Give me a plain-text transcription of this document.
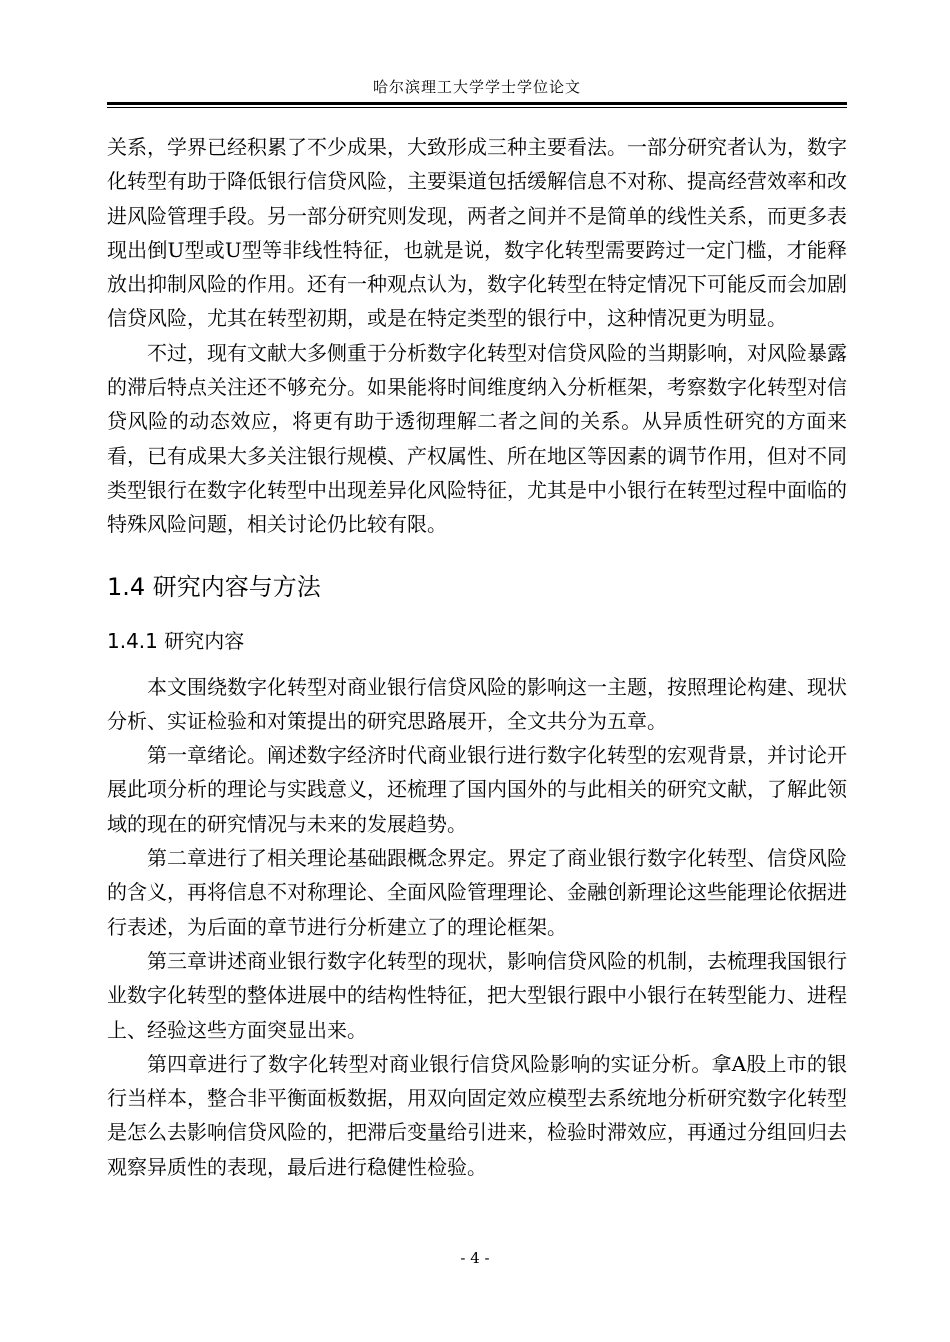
哈尔滨理工大学学士学位论文

关系，学界已经积累了不少成果，大致形成三种主要看法。一部分研究者认为，数字化转型有助于降低银行信贷风险，主要渠道包括缓解信息不对称、提高经营效率和改进风险管理手段。另一部分研究则发现，两者之间并不是简单的线性关系，而更多表现出倒U型或U型等非线性特征，也就是说，数字化转型需要跨过一定门槛，才能释放出抑制风险的作用。还有一种观点认为，数字化转型在特定情况下可能反而会加剧信贷风险，尤其在转型初期，或是在特定类型的银行中，这种情况更为明显。

不过，现有文献大多侧重于分析数字化转型对信贷风险的当期影响，对风险暴露的滞后特点关注还不够充分。如果能将时间维度纳入分析框架，考察数字化转型对信贷风险的动态效应，将更有助于透彻理解二者之间的关系。从异质性研究的方面来看，已有成果大多关注银行规模、产权属性、所在地区等因素的调节作用，但对不同类型银行在数字化转型中出现差异化风险特征，尤其是中小银行在转型过程中面临的特殊风险问题，相关讨论仍比较有限。

1.4 研究内容与方法
1.4.1 研究内容

本文围绕数字化转型对商业银行信贷风险的影响这一主题，按照理论构建、现状分析、实证检验和对策提出的研究思路展开，全文共分为五章。

第一章绪论。阐述数字经济时代商业银行进行数字化转型的宏观背景，并讨论开展此项分析的理论与实践意义，还梳理了国内国外的与此相关的研究文献，了解此领域的现在的研究情况与未来的发展趋势。

第二章进行了相关理论基础跟概念界定。界定了商业银行数字化转型、信贷风险的含义，再将信息不对称理论、全面风险管理理论、金融创新理论这些能理论依据进行表述，为后面的章节进行分析建立了的理论框架。

第三章讲述商业银行数字化转型的现状，影响信贷风险的机制，去梳理我国银行业数字化转型的整体进展中的结构性特征，把大型银行跟中小银行在转型能力、进程上、经验这些方面突显出来。

第四章进行了数字化转型对商业银行信贷风险影响的实证分析。拿A股上市的银行当样本，整合非平衡面板数据，用双向固定效应模型去系统地分析研究数字化转型是怎么去影响信贷风险的，把滞后变量给引进来，检验时滞效应，再通过分组回归去观察异质性的表现，最后进行稳健性检验。

- 4 -
